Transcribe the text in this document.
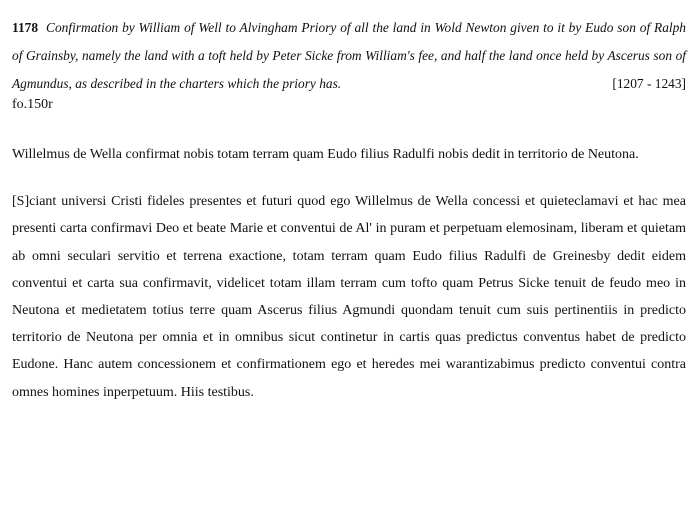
1178 Confirmation by William of Well to Alvingham Priory of all the land in Wold Newton given to it by Eudo son of Ralph of Grainsby, namely the land with a toft held by Peter Sicke from William's fee, and half the land once held by Ascerus son of Agmundus, as described in the charters which the priory has.	[1207 - 1243]

fo.150r

Willelmus de Wella confirmat nobis totam terram quam Eudo filius Radulfi nobis dedit in territorio de Neutona.

[S]ciant universi Cristi fideles presentes et futuri quod ego Willelmus de Wella concessi et quieteclamavi et hac mea presenti carta confirmavi Deo et beate Marie et conventui de Al' in puram et perpetuam elemosinam, liberam et quietam ab omni seculari servitio et terrena exactione, totam terram quam Eudo filius Radulfi de Greinesby dedit eidem conventui et carta sua confirmavit, videlicet totam illam terram cum tofto quam Petrus Sicke tenuit de feudo meo in Neutona et medietatem totius terre quam Ascerus filius Agmundi quondam tenuit cum suis pertinentiis in predicto territorio de Neutona per omnia et in omnibus sicut continetur in cartis quas predictus conventus habet de predicto Eudone. Hanc autem concessionem et confirmationem ego et heredes mei warantizabimus predicto conventui contra omnes homines inperpetuum. Hiis testibus.
